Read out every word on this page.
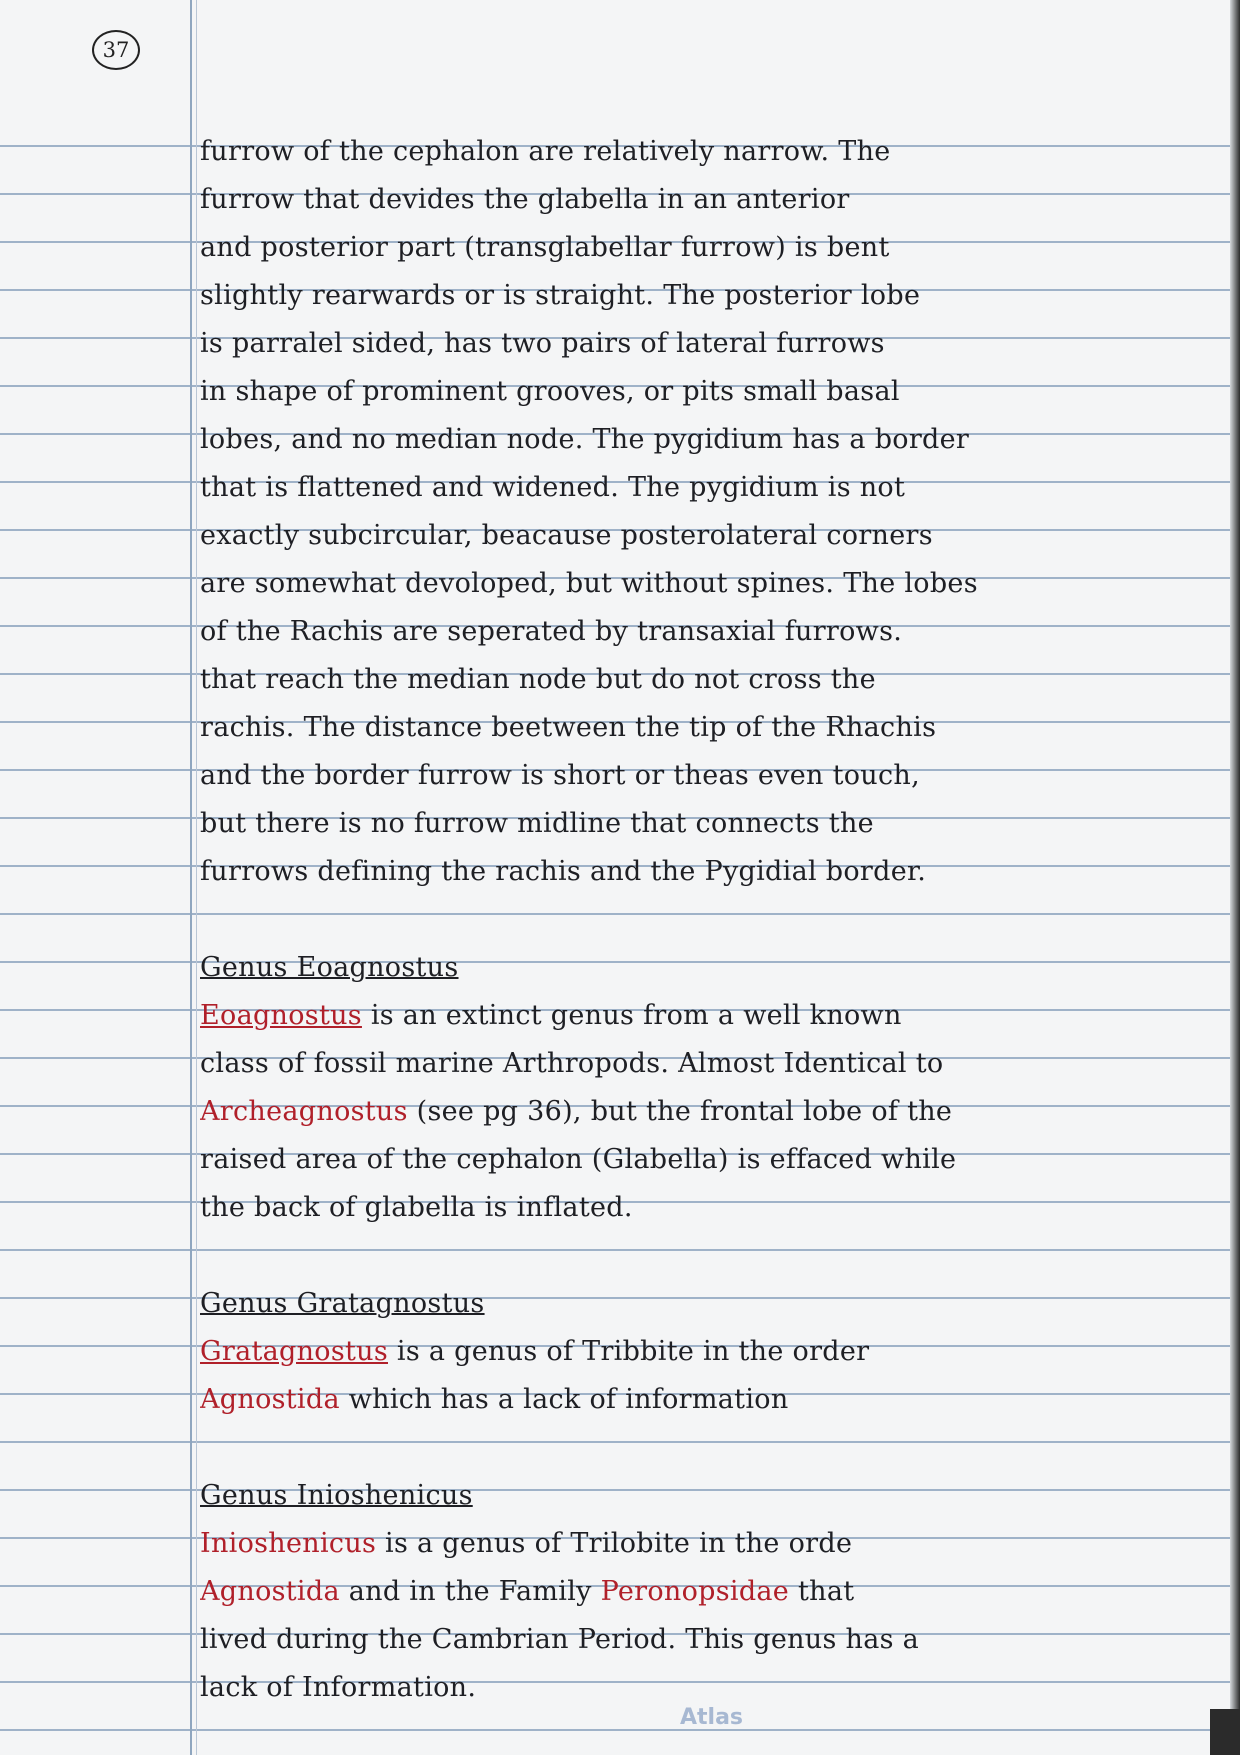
37
furrow of the cephalon are relatively narrow. The
furrow that devides the glabella in an anterior
and posterior part (transglabellar furrow) is bent
slightly rearwards or is straight. The posterior lobe
is parralel sided, has two pairs of lateral furrows
in shape of prominent grooves, or pits small basal
lobes, and no median node. The pygidium has a border
that is flattened and widened. The pygidium is not
exactly subcircular, beacause posterolateral corners
are somewhat devoloped, but without spines. The lobes
of the Rachis are seperated by transaxial furrows.
that reach the median node but do not cross the
rachis. The distance beetween the tip of the Rhachis
and the border furrow is short or theas even touch,
but there is no furrow midline that connects the
furrows defining the rachis and the Pygidial border.
Genus Eoagnostus
Eoagnostus is an extinct genus from a well known
class of fossil marine Arthropods. Almost Identical to
Archeagnostus (see pg 36), but the frontal lobe of the
raised area of the cephalon (Glabella) is effaced while
the back of glabella is inflated.
Genus Gratagnostus
Gratagnostus is a genus of Tribbite in the order
Agnostida which has a lack of information
Genus Inioshenicus
Inioshenicus is a genus of Trilobite in the orde
Agnostida and in the Family Peronopsidae that
lived during the Cambrian Period. This genus has a
lack of Information.
Atlas
